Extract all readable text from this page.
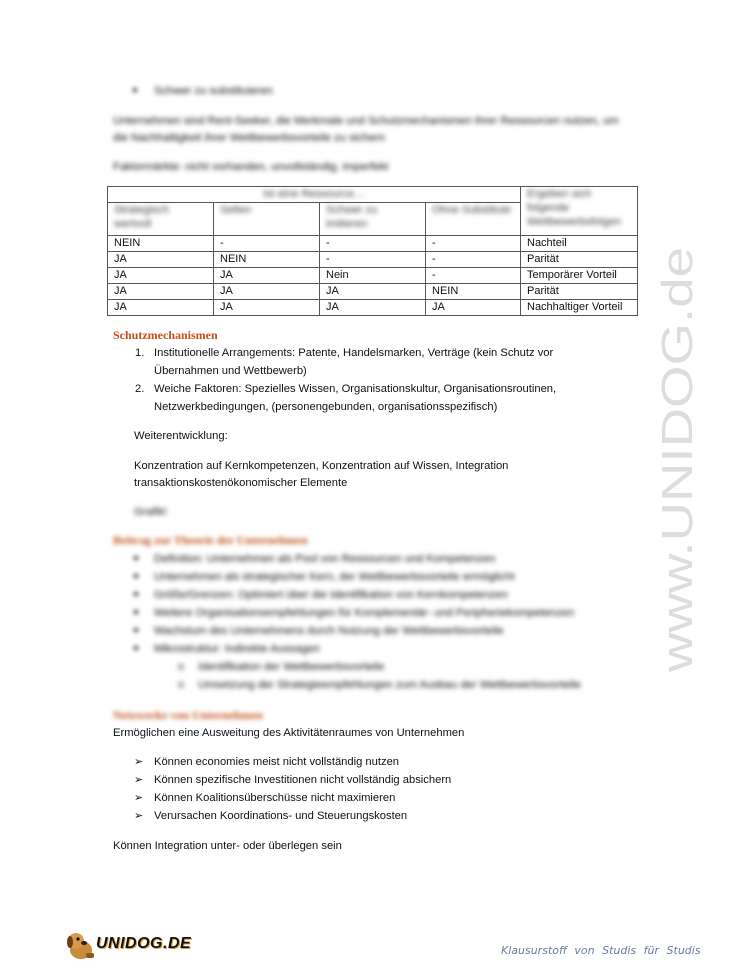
Schwer zu substituieren
Unternehmen sind Rent-Seeker, die Merkmale und Schutzmechanismen ihrer Ressourcen nutzen, um
die Nachhaltigkeit ihrer Wettbewerbsvorteile zu sichern
Faktormärkte: nicht vorhanden, unvollständig, imperfekt
Ist eine Ressource…				Ergeben sich folgende Wettbewerbsfolgen
Strategisch wertvoll	Selten	Schwer zu imitieren	Ohne Substitute	
NEIN	-	-	-	Nachteil
JA	NEIN	-	-	Parität
JA	JA	Nein	-	Temporärer Vorteil
JA	JA	JA	NEIN	Parität
JA	JA	JA	JA	Nachhaltiger Vorteil
Schutzmechanismen
1. Institutionelle Arrangements: Patente, Handelsmarken, Verträge (kein Schutz vor
Übernahmen und Wettbewerb)
2. Weiche Faktoren: Spezielles Wissen, Organisationskultur, Organisationsroutinen,
Netzwerkbedingungen, (personengebunden, organisationsspezifisch)
Weiterentwicklung:
Konzentration auf Kernkompetenzen, Konzentration auf Wissen, Integration
transaktionskostenökonomischer Elemente
Grafik!
Beitrag zur Theorie der Unternehmen
Definition: Unternehmen als Pool von Ressourcen und Kompetenzen
Unternehmen als strategischer Kern, der Wettbewerbsvorteile ermöglicht
Größe/Grenzen: Optimiert über die Identifikation von Kernkompetenzen
Weitere Organisationsempfehlungen für Komplementär- und Peripheriekompetenzen
Wachstum des Unternehmens durch Nutzung der Wettbewerbsvorteile
Mikrostruktur: Indirekte Aussagen
Identifikation der Wettbewerbsvorteile
Umsetzung der Strategieempfehlungen zum Ausbau der Wettbewerbsvorteile
Netzwerke von Unternehmen
Ermöglichen eine Ausweitung des Aktivitätenraumes von Unternehmen
➢ Können economies meist nicht vollständig nutzen
➢ Können spezifische Investitionen nicht vollständig absichern
➢ Können Koalitionsüberschüsse nicht maximieren
➢ Verursachen Koordinations- und Steuerungskosten
Können Integration unter- oder überlegen sein
www.UNIDOG.de
UNIDOG.DE	Klausurstoff von Studis für Studis
